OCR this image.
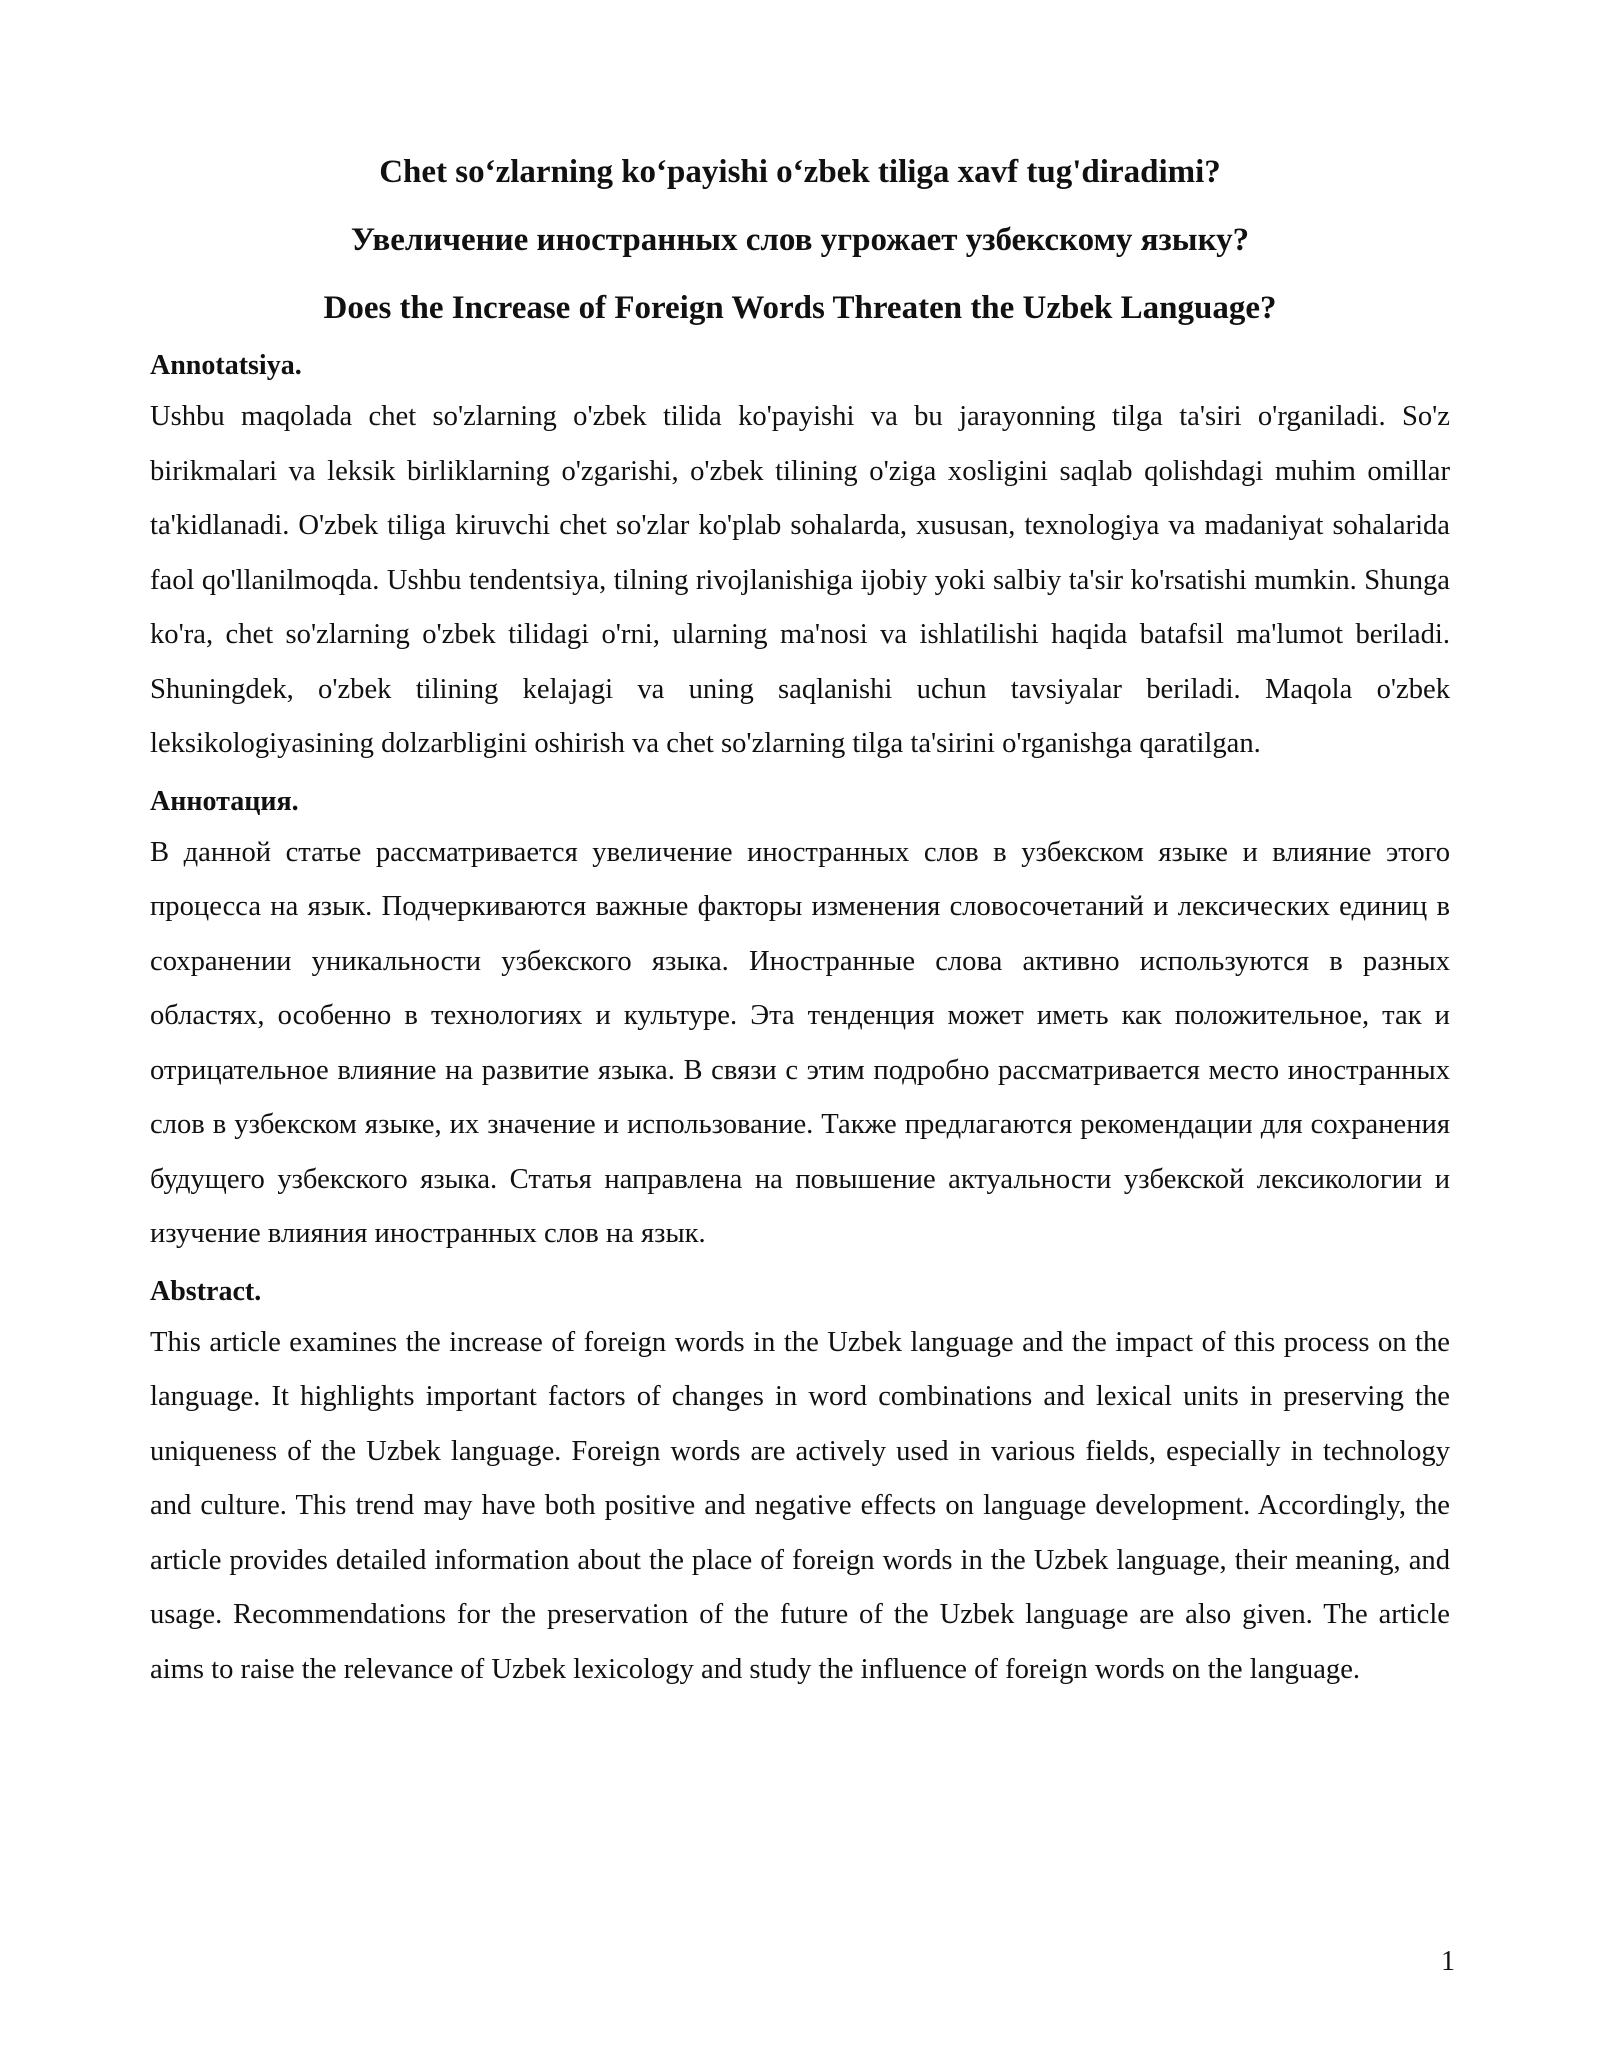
Chet so‘zlarning ko‘payishi o‘zbek tiliga xavf tug'diradimi?
Увеличение иностранных слов угрожает узбекскому языку?
Does the Increase of Foreign Words Threaten the Uzbek Language?
Annotatsiya.

Ushbu maqolada chet so'zlarning o'zbek tilida ko'payishi va bu jarayonning tilga ta'siri o'rganiladi. So'z birikmalari va leksik birliklarning o'zgarishi, o'zbek tilining o'ziga xosligini saqlab qolishdagi muhim omillar ta'kidlanadi. O'zbek tiliga kiruvchi chet so'zlar ko'plab sohalarda, xususan, texnologiya va madaniyat sohalarida faol qo'llanilmoqda. Ushbu tendentsiya, tilning rivojlanishiga ijobiy yoki salbiy ta'sir ko'rsatishi mumkin. Shunga ko'ra, chet so'zlarning o'zbek tilidagi o'rni, ularning ma'nosi va ishlatilishi haqida batafsil ma'lumot beriladi. Shuningdek, o'zbek tilining kelajagi va uning saqlanishi uchun tavsiyalar beriladi. Maqola o'zbek leksikologiyasining dolzarbligini oshirish va chet so'zlarning tilga ta'sirini o'rganishga qaratilgan.

Аннотация.

В данной статье рассматривается увеличение иностранных слов в узбекском языке и влияние этого процесса на язык. Подчеркиваются важные факторы изменения словосочетаний и лексических единиц в сохранении уникальности узбекского языка. Иностранные слова активно используются в разных областях, особенно в технологиях и культуре. Эта тенденция может иметь как положительное, так и отрицательное влияние на развитие языка. В связи с этим подробно рассматривается место иностранных слов в узбекском языке, их значение и использование. Также предлагаются рекомендации для сохранения будущего узбекского языка. Статья направлена на повышение актуальности узбекской лексикологии и изучение влияния иностранных слов на язык.

Abstract.

This article examines the increase of foreign words in the Uzbek language and the impact of this process on the language. It highlights important factors of changes in word combinations and lexical units in preserving the uniqueness of the Uzbek language. Foreign words are actively used in various fields, especially in technology and culture. This trend may have both positive and negative effects on language development. Accordingly, the article provides detailed information about the place of foreign words in the Uzbek language, their meaning, and usage. Recommendations for the preservation of the future of the Uzbek language are also given. The article aims to raise the relevance of Uzbek lexicology and study the influence of foreign words on the language.

1
